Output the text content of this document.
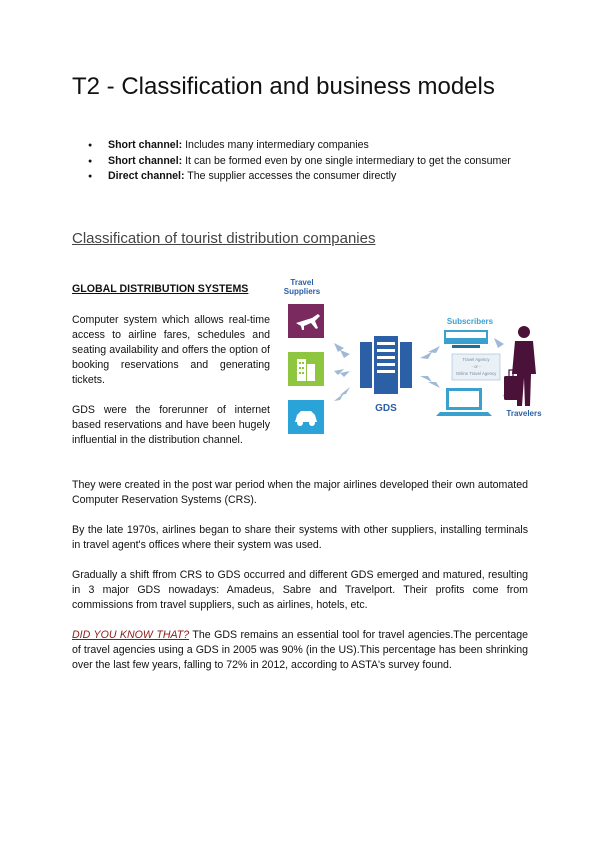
T2 - Classification and business models
● Short channel: Includes many intermediary companies
● Short channel: It can be formed even by one single intermediary to get the consumer
● Direct channel: The supplier accesses the consumer directly
Classification of tourist distribution companies
GLOBAL DISTRIBUTION SYSTEMS

Computer system which allows real-time access to airline fares, schedules and seating availability and offers the option of booking reservations and generating tickets.

GDS were the forerunner of internet based reservations and have been hugely influential in the distribution channel.

They were created in the post war period when the major airlines developed their own automated Computer Reservation Systems (CRS).

By the late 1970s, airlines began to share their systems with other suppliers, installing terminals in travel agent's offices where their system was used.

Gradually a shift ffrom CRS to GDS occurred and different GDS emerged and matured, resulting in 3 major GDS nowadays: Amadeus, Sabre and Travelport. Their profits come from commissions from travel suppliers, such as airlines, hotels, etc.

DID YOU KNOW THAT? The GDS remains an essential tool for travel agencies.The percentage of travel agencies using a GDS in 2005 was 90% (in the US).This percentage has been shrinking over the last few years, falling to 72% in 2012, according to ASTA's survey found.

Travel
Suppliers
GDS
Subscribers
Travel Agency
- or -
Online Travel Agency
Travelers
